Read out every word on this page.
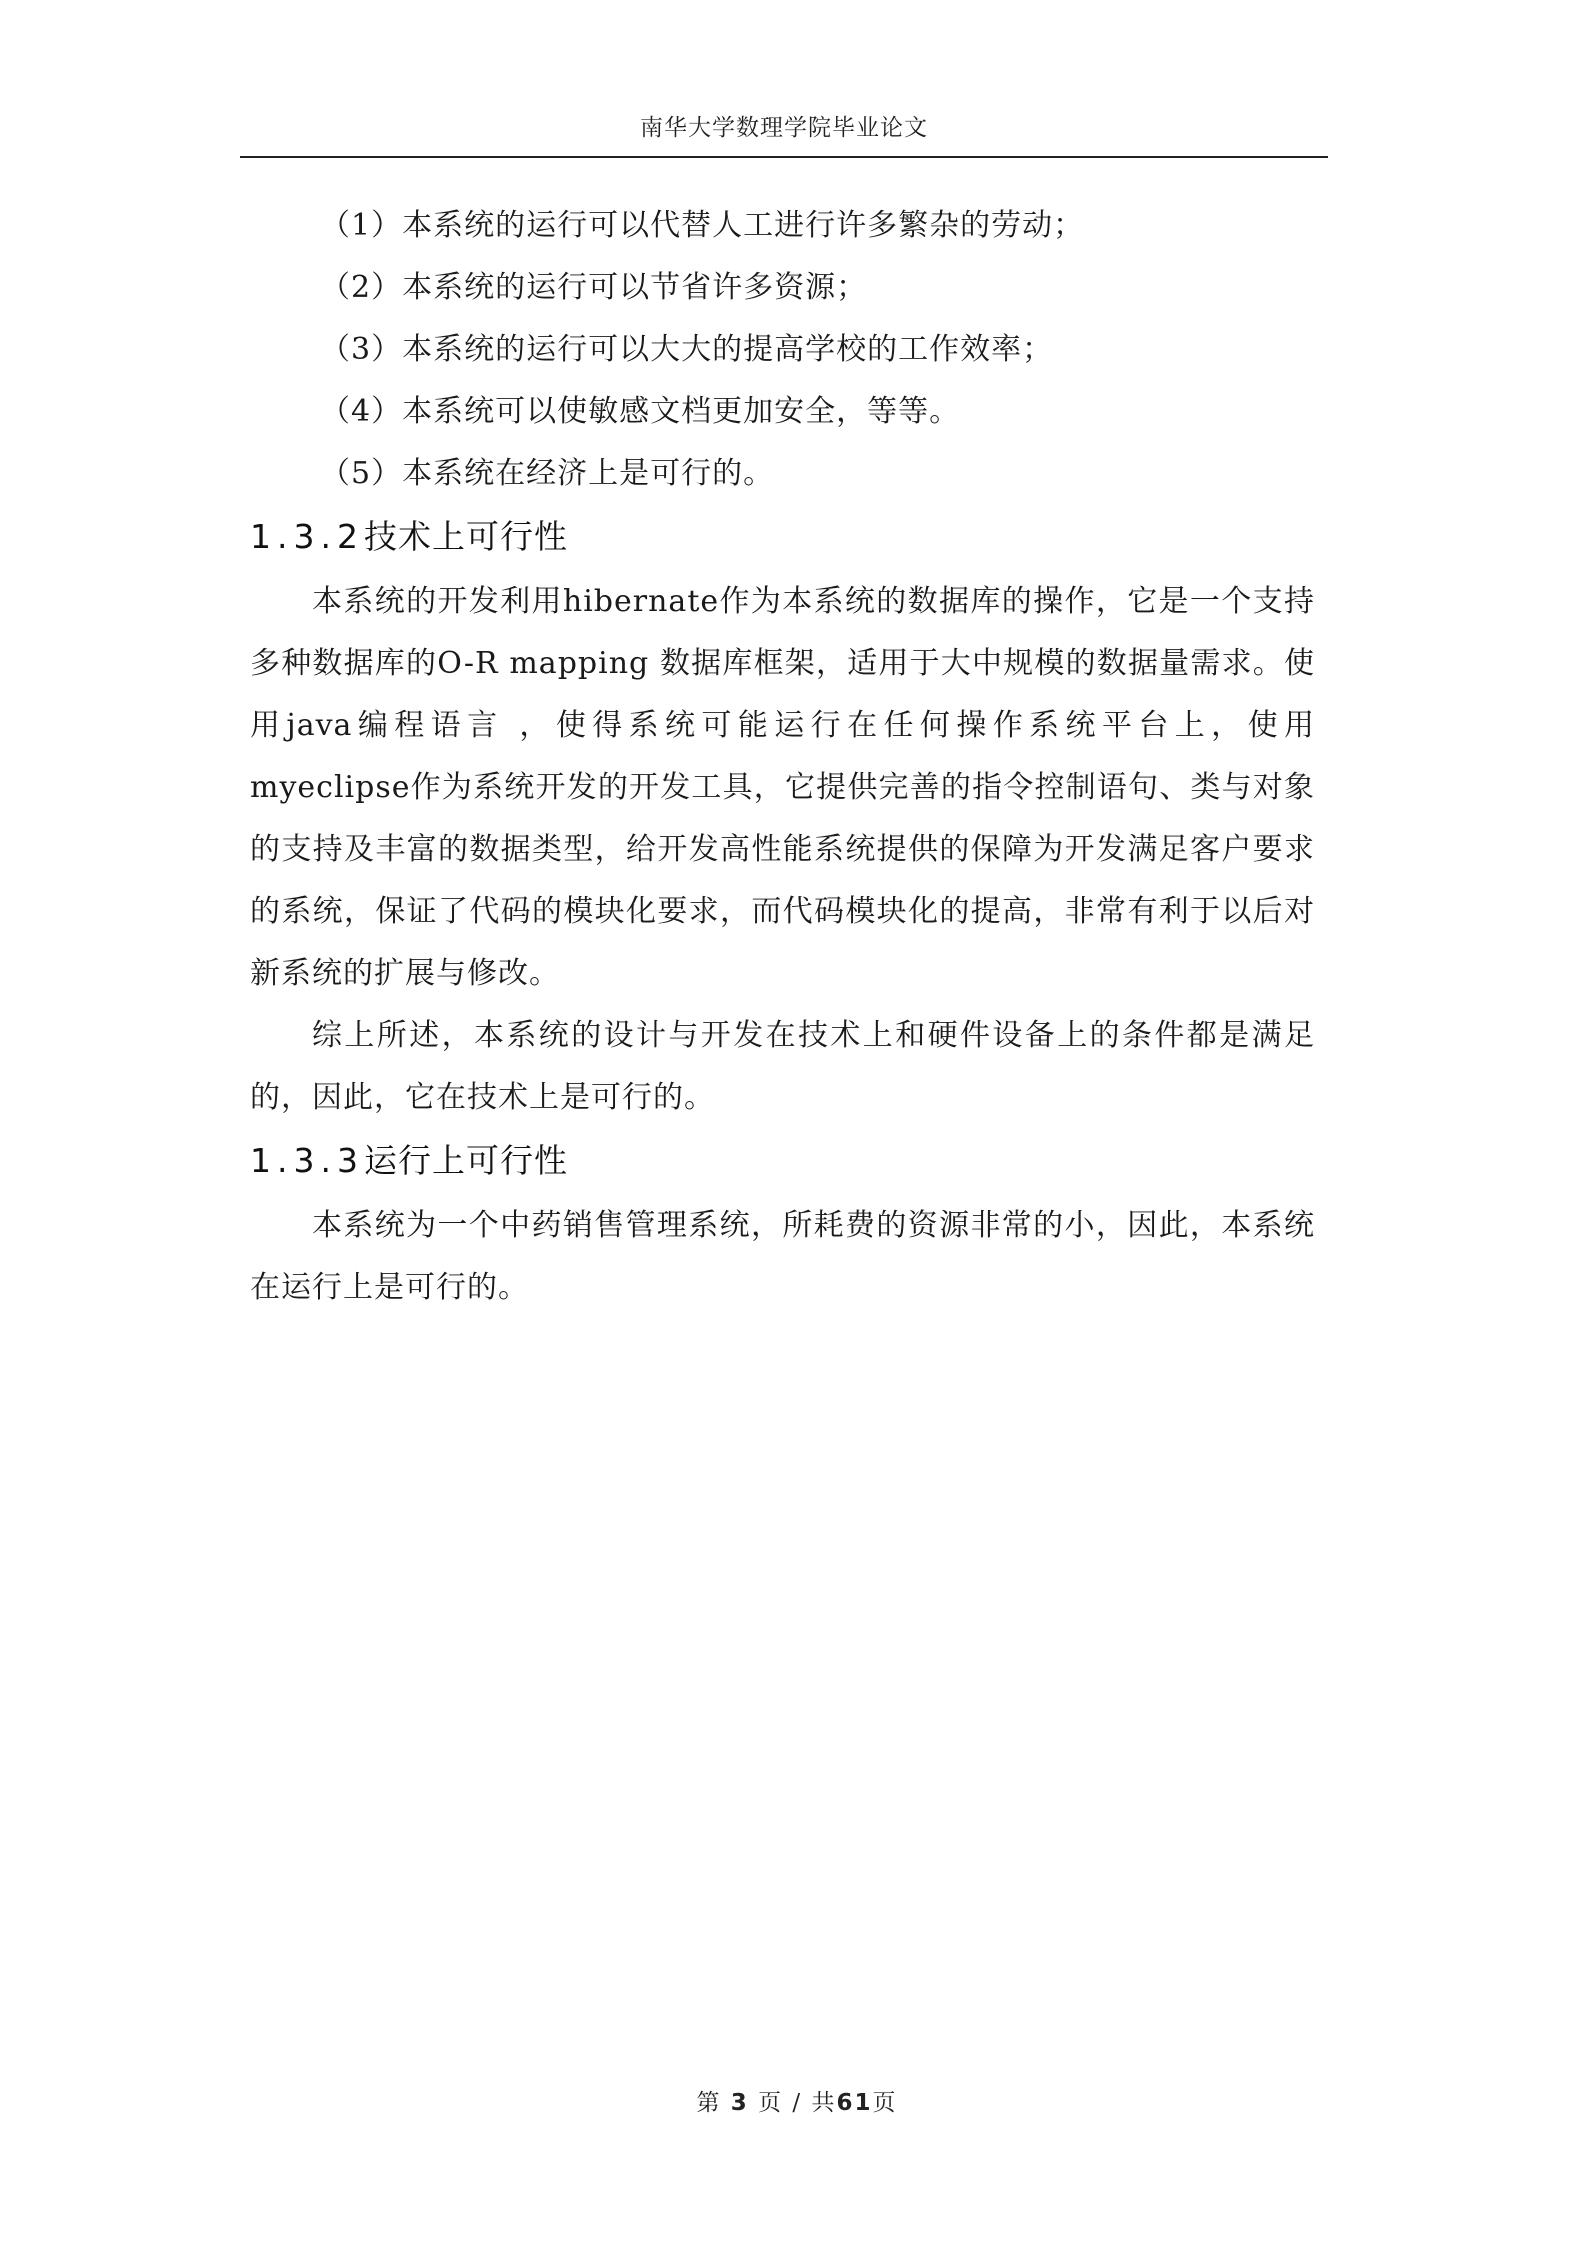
南华大学数理学院毕业论文
（1）本系统的运行可以代替人工进行许多繁杂的劳动；
（2）本系统的运行可以节省许多资源；
（3）本系统的运行可以大大的提高学校的工作效率；
（4）本系统可以使敏感文档更加安全，等等。
（5）本系统在经济上是可行的。
1.3.2技术上可行性

本系统的开发利用hibernate作为本系统的数据库的操作，它是一个支持多种数据库的O-R mapping 数据库框架，适用于大中规模的数据量需求。使用java编程语言 ，使得系统可能运行在任何操作系统平台上，使用myeclipse作为系统开发的开发工具，它提供完善的指令控制语句、类与对象的支持及丰富的数据类型，给开发高性能系统提供的保障为开发满足客户要求的系统，保证了代码的模块化要求，而代码模块化的提高，非常有利于以后对新系统的扩展与修改。

综上所述，本系统的设计与开发在技术上和硬件设备上的条件都是满足的，因此，它在技术上是可行的。

1.3.3运行上可行性

本系统为一个中药销售管理系统，所耗费的资源非常的小，因此，本系统在运行上是可行的。

第 3 页 / 共61页
